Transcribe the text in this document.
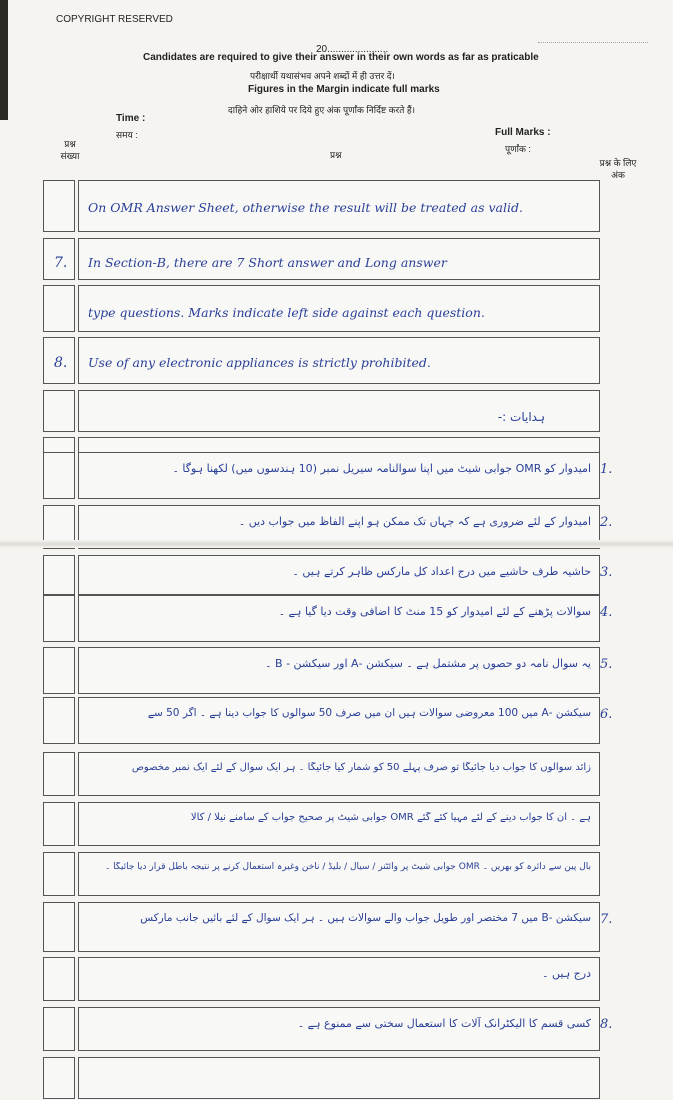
COPYRIGHT RESERVED

20......................

Candidates are required to give their answer in their own words as far as praticable

परीक्षार्थी यथासंभव अपने शब्दों में ही उत्तर दें।

Figures in the Margin indicate full marks

दाहिने ओर हाशिये पर दिये हुए अंक पूर्णांक निर्दिष्ट करते हैं।

Time :

समय :	Full Marks :

पूर्णांक :

प्रश्न संख्या	प्रश्न

प्रश्न के लिए अंक

On OMR Answer Sheet, otherwise the result will be treated as valid.

7. In Section-B, there are 7 Short answer and Long answer

type questions. Marks indicate left side against each question.

8. Use of any electronic appliances is strictly prohibited.

ہدایات :-

1.

امیدوار کو OMR جوابی شیٹ میں اپنا سوالنامہ سیریل نمبر (10 ہندسوں میں) لکھنا ہوگا ۔

2.

امیدوار کے لئے ضروری ہے کہ جہاں تک ممکن ہو اپنے الفاظ میں جواب دیں ۔

3.

حاشیہ طرف حاشیے میں درج اعداد کل مارکس ظاہر کرتے ہیں ۔

4.

سوالات پڑھنے کے لئے امیدوار کو 15 منٹ کا اضافی وقت دیا گیا ہے ۔

5.

یہ سوال نامہ دو حصوں پر مشتمل ہے ۔ سیکشن -A اور سیکشن - B ۔

6.

سیکشن -A میں 100 معروضی سوالات ہیں ان میں صرف 50 سوالوں کا جواب دینا ہے ۔ اگر 50 سے

زائد سوالوں کا جواب دیا جائیگا تو صرف پہلے 50 کو شمار کیا جائیگا ۔ ہر ایک سوال کے لئے ایک نمبر مخصوص

ہے ۔ ان کا جواب دینے کے لئے مہیا کئے گئے OMR جوابی شیٹ پر صحیح جواب کے سامنے نیلا / کالا

بال پین سے دائرہ کو بھریں ۔ OMR جوابی شیٹ پر وائٹنر / سیال / بلیڈ / ناخن وغیرہ استعمال کرنے پر نتیجہ باطل قرار دیا جائیگا ۔

7.

سیکشن -B میں 7 مختصر اور طویل جواب والے سوالات ہیں ۔ ہر ایک سوال کے لئے بائیں جانب مارکس

درج ہیں ۔

8.

کسی قسم کا الیکٹرانک آلات کا استعمال سختی سے ممنوع ہے ۔
